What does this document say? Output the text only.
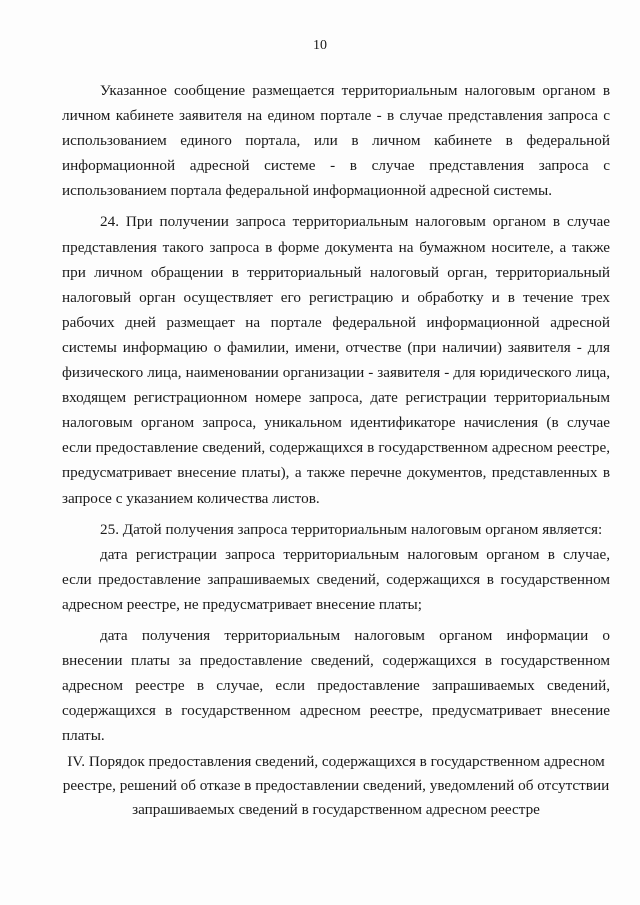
10

Указанное сообщение размещается территориальным налоговым органом в личном кабинете заявителя на едином портале - в случае представления запроса с использованием единого портала, или в личном кабинете в федеральной информационной адресной системе - в случае представления запроса с использованием портала федеральной информационной адресной системы.

24. При получении запроса территориальным налоговым органом в случае представления такого запроса в форме документа на бумажном носителе, а также при личном обращении в территориальный налоговый орган, территориальный налоговый орган осуществляет его регистрацию и обработку и в течение трех рабочих дней размещает на портале федеральной информационной адресной системы информацию о фамилии, имени, отчестве (при наличии) заявителя - для физического лица, наименовании организации - заявителя - для юридического лица, входящем регистрационном номере запроса, дате регистрации территориальным налоговым органом запроса, уникальном идентификаторе начисления (в случае если предоставление сведений, содержащихся в государственном адресном реестре, предусматривает внесение платы), а также перечне документов, представленных в запросе с указанием количества листов.

25. Датой получения запроса территориальным налоговым органом является:

дата регистрации запроса территориальным налоговым органом в случае, если предоставление запрашиваемых сведений, содержащихся в государственном адресном реестре, не предусматривает внесение платы;

дата получения территориальным налоговым органом информации о внесении платы за предоставление сведений, содержащихся в государственном адресном реестре в случае, если предоставление запрашиваемых сведений, содержащихся в государственном адресном реестре, предусматривает внесение платы.

IV. Порядок предоставления сведений, содержащихся в государственном адресном
реестре, решений об отказе в предоставлении сведений, уведомлений об отсутствии
запрашиваемых сведений в государственном адресном реестре
